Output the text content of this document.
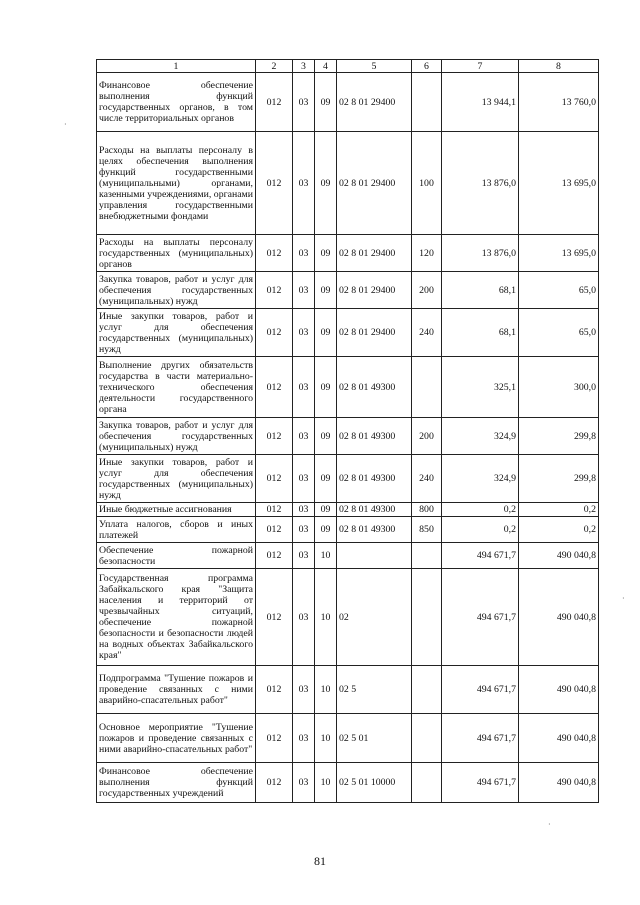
1	2	3	4	5	6	7	8
Финансовое обеспечение выполнения функций государственных органов, в том числе территориальных органов	012	03	09	02 8 01 29400		13 944,1	13 760,0
Расходы на выплаты персоналу в целях обеспечения выполнения функций государственными (муниципальными) органами, казенными учреждениями, органами управления государственными внебюджетными фондами	012	03	09	02 8 01 29400	100	13 876,0	13 695,0
Расходы на выплаты персоналу государственных (муниципальных) органов	012	03	09	02 8 01 29400	120	13 876,0	13 695,0
Закупка товаров, работ и услуг для обеспечения государственных (муниципальных) нужд	012	03	09	02 8 01 29400	200	68,1	65,0
Иные закупки товаров, работ и услуг для обеспечения государственных (муниципальных) нужд	012	03	09	02 8 01 29400	240	68,1	65,0
Выполнение других обязательств государства в части материально-технического обеспечения деятельности государственного органа	012	03	09	02 8 01 49300		325,1	300,0
Закупка товаров, работ и услуг для обеспечения государственных (муниципальных) нужд	012	03	09	02 8 01 49300	200	324,9	299,8
Иные закупки товаров, работ и услуг для обеспечения государственных (муниципальных) нужд	012	03	09	02 8 01 49300	240	324,9	299,8
Иные бюджетные ассигнования	012	03	09	02 8 01 49300	800	0,2	0,2
Уплата налогов, сборов и иных платежей	012	03	09	02 8 01 49300	850	0,2	0,2
Обеспечение пожарной безопасности	012	03	10			494 671,7	490 040,8
Государственная программа Забайкальского края "Защита населения и территорий от чрезвычайных ситуаций, обеспечение пожарной безопасности и безопасности людей на водных объектах Забайкальского края"	012	03	10	02		494 671,7	490 040,8
Подпрограмма "Тушение пожаров и проведение связанных с ними аварийно-спасательных работ"	012	03	10	02 5		494 671,7	490 040,8
Основное мероприятие "Тушение пожаров и проведение связанных с ними аварийно-спасательных работ"	012	03	10	02 5 01		494 671,7	490 040,8
Финансовое обеспечение выполнения функций государственных учреждений	012	03	10	02 5 01 10000		494 671,7	490 040,8
·
·
·
81
